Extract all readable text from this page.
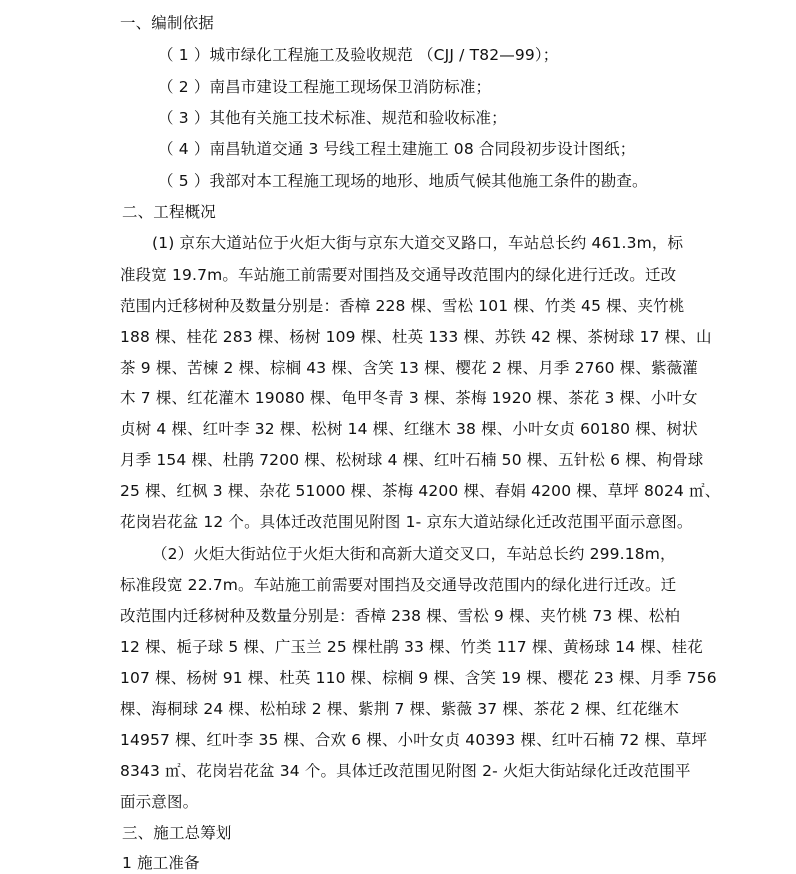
一、编制依据

（ 1 ）城市绿化工程施工及验收规范 （CJJ / T82—99）；

（ 2 ）南昌市建设工程施工现场保卫消防标准；

（ 3 ）其他有关施工技术标准、规范和验收标准；

（ 4 ）南昌轨道交通 3 号线工程土建施工 08 合同段初步设计图纸；

（ 5 ）我部对本工程施工现场的地形、地质气候其他施工条件的勘查。

二、工程概况

(1) 京东大道站位于火炬大街与京东大道交叉路口，车站总长约 461.3m，标

准段宽 19.7m。车站施工前需要对围挡及交通导改范围内的绿化进行迁改。迁改

范围内迁移树种及数量分别是：香樟 228 棵、雪松 101 棵、竹类 45 棵、夹竹桃

188 棵、桂花 283 棵、杨树 109 棵、杜英 133 棵、苏铁 42 棵、茶树球 17 棵、山

茶 9 棵、苦楝 2 棵、棕榈 43 棵、含笑 13 棵、樱花 2 棵、月季 2760 棵、紫薇灌

木 7 棵、红花灌木 19080 棵、龟甲冬青 3 棵、茶梅 1920 棵、茶花 3 棵、小叶女

贞树 4 棵、红叶李 32 棵、松树 14 棵、红继木 38 棵、小叶女贞 60180 棵、树状

月季 154 棵、杜鹃 7200 棵、松树球 4 棵、红叶石楠 50 棵、五针松 6 棵、枸骨球

25 棵、红枫 3 棵、杂花 51000 棵、茶梅 4200 棵、春娟 4200 棵、草坪 8024 ㎡、

花岗岩花盆 12 个。具体迁改范围见附图 1- 京东大道站绿化迁改范围平面示意图。

（2）火炬大街站位于火炬大街和高新大道交叉口，车站总长约 299.18m，

标准段宽 22.7m。车站施工前需要对围挡及交通导改范围内的绿化进行迁改。迁

改范围内迁移树种及数量分别是：香樟 238 棵、雪松 9 棵、夹竹桃 73 棵、松柏

12 棵、栀子球 5 棵、广玉兰 25 棵杜鹃 33 棵、竹类 117 棵、黄杨球 14 棵、桂花

107 棵、杨树 91 棵、杜英 110 棵、棕榈 9 棵、含笑 19 棵、樱花 23 棵、月季 756

棵、海桐球 24 棵、松柏球 2 棵、紫荆 7 棵、紫薇 37 棵、茶花 2 棵、红花继木

14957 棵、红叶李 35 棵、合欢 6 棵、小叶女贞 40393 棵、红叶石楠 72 棵、草坪

8343 ㎡、花岗岩花盆 34 个。具体迁改范围见附图 2- 火炬大街站绿化迁改范围平

面示意图。

三、施工总筹划

1 施工准备
